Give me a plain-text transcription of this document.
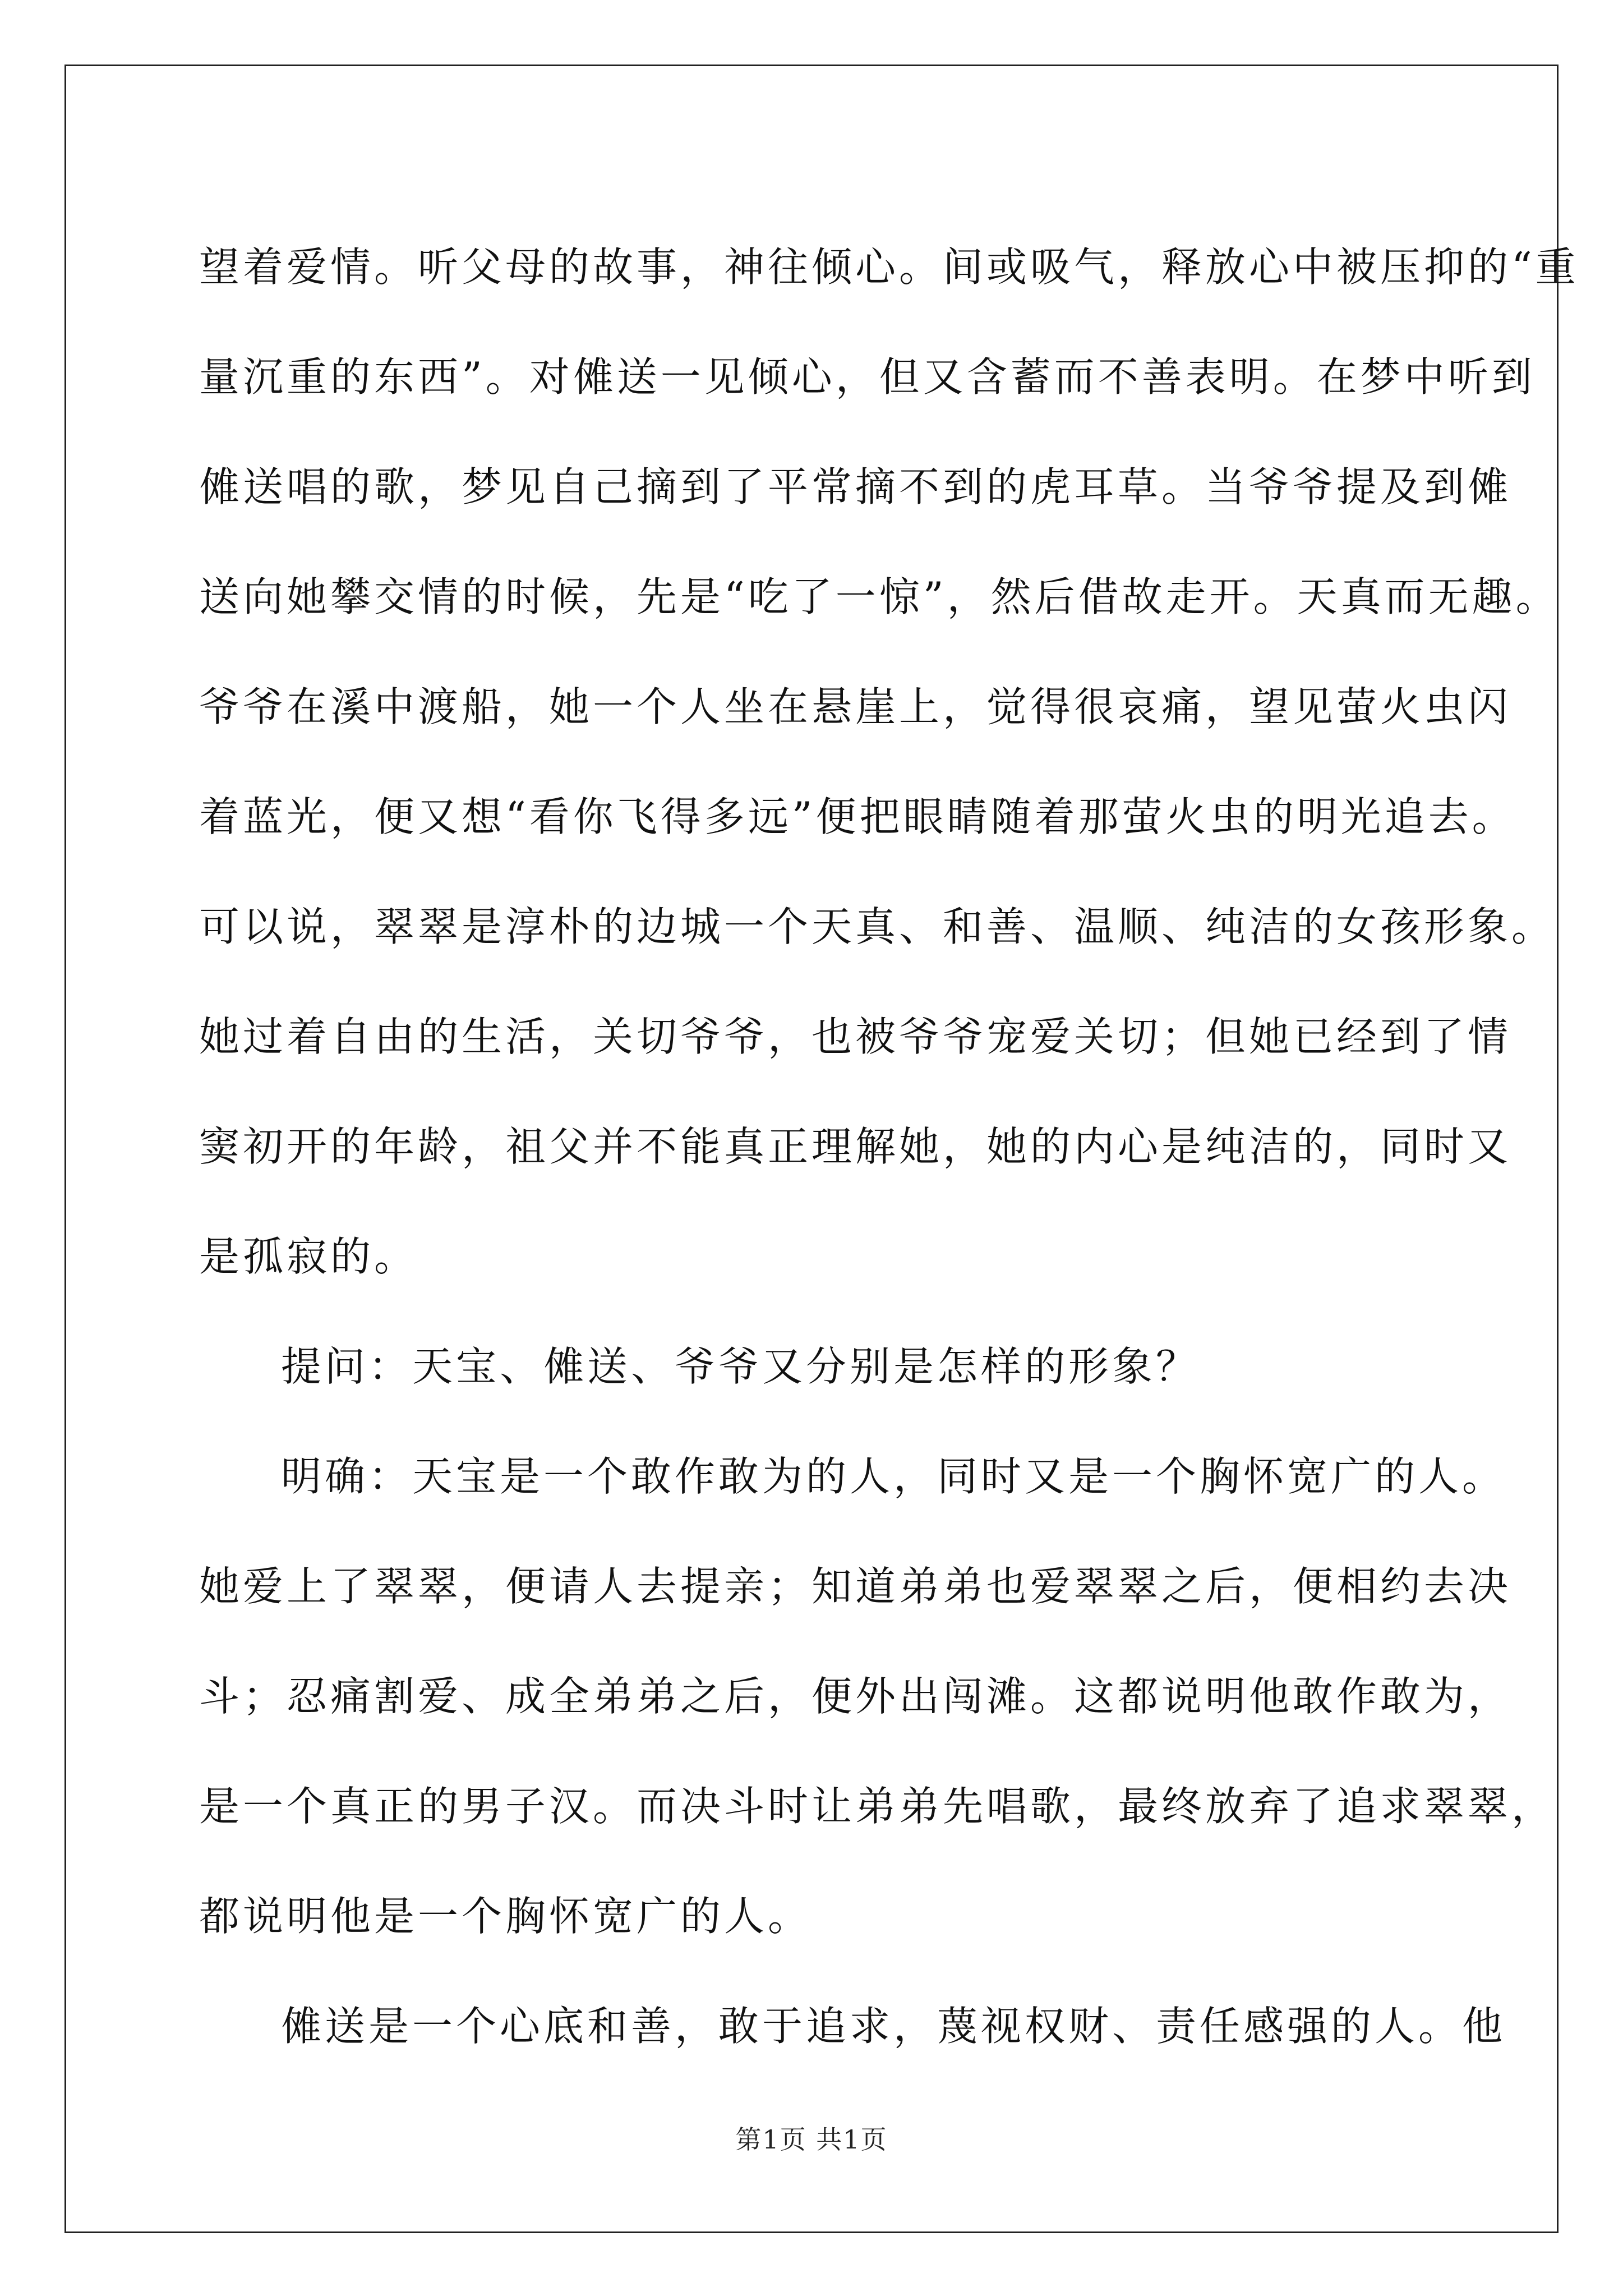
望着爱情。听父母的故事，神往倾心。间或吸气，释放心中被压抑的“重
量沉重的东西”。对傩送一见倾心，但又含蓄而不善表明。在梦中听到
傩送唱的歌，梦见自己摘到了平常摘不到的虎耳草。当爷爷提及到傩
送向她攀交情的时候，先是“吃了一惊”，然后借故走开。天真而无趣。
爷爷在溪中渡船，她一个人坐在悬崖上，觉得很哀痛，望见萤火虫闪
着蓝光，便又想“看你飞得多远”便把眼睛随着那萤火虫的明光追去。
可以说，翠翠是淳朴的边城一个天真、和善、温顺、纯洁的女孩形象。
她过着自由的生活，关切爷爷，也被爷爷宠爱关切；但她已经到了情
窦初开的年龄，祖父并不能真正理解她，她的内心是纯洁的，同时又
是孤寂的。
提问：天宝、傩送、爷爷又分别是怎样的形象？
明确：天宝是一个敢作敢为的人，同时又是一个胸怀宽广的人。
她爱上了翠翠，便请人去提亲；知道弟弟也爱翠翠之后，便相约去决
斗；忍痛割爱、成全弟弟之后，便外出闯滩。这都说明他敢作敢为，
是一个真正的男子汉。而决斗时让弟弟先唱歌，最终放弃了追求翠翠，
都说明他是一个胸怀宽广的人。
傩送是一个心底和善，敢于追求，蔑视权财、责任感强的人。他
第1页 共1页
